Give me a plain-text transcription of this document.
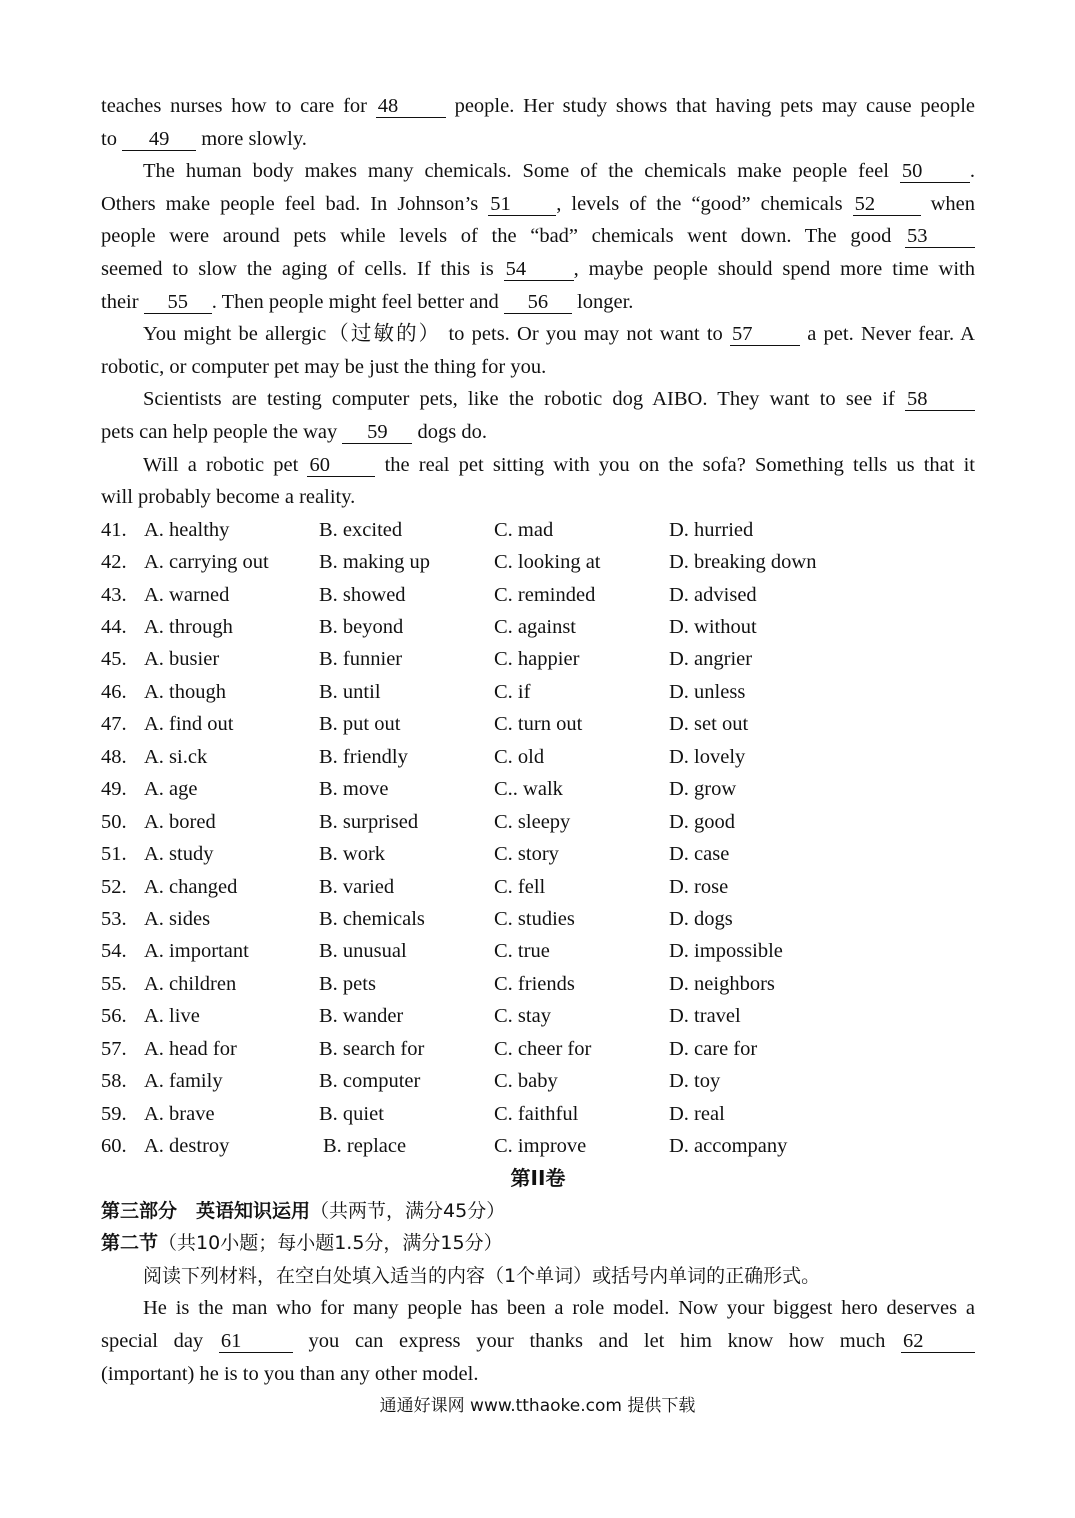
teaches nurses how to care for 48 people. Her study shows that having pets may cause people
to 49 more slowly.
The human body makes many chemicals. Some of the chemicals make people feel 50 .
Others make people feel bad. In Johnson’s 51 , levels of the “good” chemicals 52 when
people were around pets while levels of the “bad” chemicals went down. The good 53
seemed to slow the aging of cells. If this is 54 , maybe people should spend more time with
their 55 . Then people might feel better and 56 longer.
You might be allergic（过敏的） to pets. Or you may not want to 57 a pet. Never fear. A
robotic, or computer pet may be just the thing for you.
Scientists are testing computer pets, like the robotic dog AIBO. They want to see if 58
pets can help people the way 59 dogs do.
Will a robotic pet 60 the real pet sitting with you on the sofa? Something tells us that it
will probably become a reality.
41. A. healthy	B. excited	C. mad	D. hurried
42. A. carrying out	B. making up	C. looking at	D. breaking down
43. A. warned	B. showed	C. reminded	D. advised
44. A. through	B. beyond	C. against	D. without
45. A. busier	B. funnier	C. happier	D. angrier
46. A. though	B. until	C. if	D. unless
47. A. find out	B. put out	C. turn out	D. set out
48. A. si.ck	B. friendly	C. old	D. lovely
49. A. age	B. move	C.. walk	D. grow
50. A. bored	B. surprised	C. sleepy	D. good
51. A. study	B. work	C. story	D. case
52. A. changed	B. varied	C. fell	D. rose
53. A. sides	B. chemicals	C. studies	D. dogs
54. A. important	B. unusual	C. true	D. impossible
55. A. children	B. pets	C. friends	D. neighbors
56. A. live	B. wander	C. stay	D. travel
57. A. head for	B. search for	C. cheer for	D. care for
58. A. family	B. computer	C. baby	D. toy
59. A. brave	B. quiet	C. faithful	D. real
60. A. destroy	B. replace	C. improve	D. accompany
第II卷
第三部分　英语知识运用（共两节，满分45分）
第二节（共10小题；每小题1.5分，满分15分）
阅读下列材料，在空白处填入适当的内容（1个单词）或括号内单词的正确形式。
He is the man who for many people has been a role model. Now your biggest hero deserves a
special day 61	you can express your thanks and let him know how much 62
(important) he is to you than any other model.
通通好课网 www.tthaoke.com 提供下载
